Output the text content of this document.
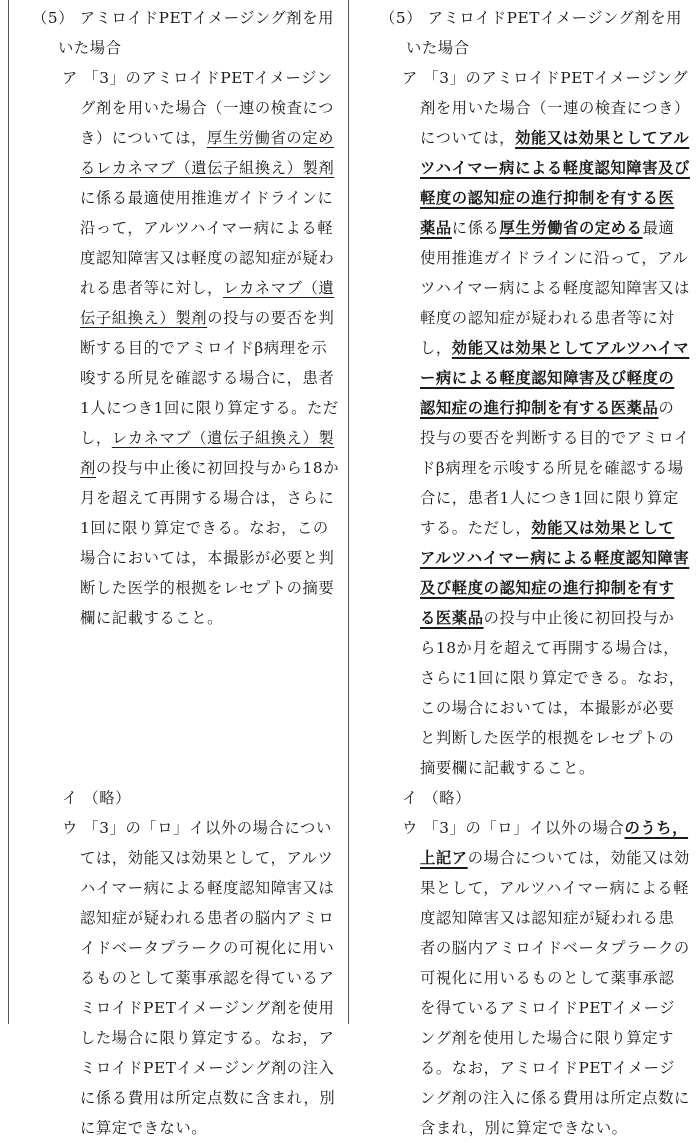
（5） アミロイドPETイメージング剤を用いた場合
ア 「3」のアミロイドPETイメージング剤を用いた場合（一連の検査につき）については，厚生労働省の定めるレカネマブ（遺伝子組換え）製剤に係る最適使用推進ガイドラインに沿って，アルツハイマー病による軽度認知障害又は軽度の認知症が疑われる患者等に対し，レカネマブ（遺伝子組換え）製剤の投与の要否を判断する目的でアミロイドβ病理を示唆する所見を確認する場合に，患者1人につき1回に限り算定する。ただし，レカネマブ（遺伝子組換え）製剤の投与中止後に初回投与から18か月を超えて再開する場合は，さらに1回に限り算定できる。なお，この場合においては，本撮影が必要と判断した医学的根拠をレセプトの摘要欄に記載すること。
イ （略）
ウ 「3」の「ロ」イ以外の場合については，効能又は効果として，アルツハイマー病による軽度認知障害又は認知症が疑われる患者の脳内アミロイドベータプラークの可視化に用いるものとして薬事承認を得ているアミロイドPETイメージング剤を使用した場合に限り算定する。なお，アミロイドPETイメージング剤の注入に係る費用は所定点数に含まれ，別に算定できない。
（5） アミロイドPETイメージング剤を用いた場合
ア 「3」のアミロイドPETイメージング剤を用いた場合（一連の検査につき）については，効能又は効果としてアルツハイマー病による軽度認知障害及び軽度の認知症の進行抑制を有する医薬品に係る厚生労働省の定める最適使用推進ガイドラインに沿って，アルツハイマー病による軽度認知障害又は軽度の認知症が疑われる患者等に対し，効能又は効果としてアルツハイマー病による軽度認知障害及び軽度の認知症の進行抑制を有する医薬品の投与の要否を判断する目的でアミロイドβ病理を示唆する所見を確認する場合に，患者1人につき1回に限り算定する。ただし，効能又は効果としてアルツハイマー病による軽度認知障害及び軽度の認知症の進行抑制を有する医薬品の投与中止後に初回投与から18か月を超えて再開する場合は，さらに1回に限り算定できる。なお，この場合においては，本撮影が必要と判断した医学的根拠をレセプトの摘要欄に記載すること。
イ （略）
ウ 「3」の「ロ」イ以外の場合のうち，上記アの場合については，効能又は効果として，アルツハイマー病による軽度認知障害又は認知症が疑われる患者の脳内アミロイドベータプラークの可視化に用いるものとして薬事承認を得ているアミロイドPETイメージング剤を使用した場合に限り算定する。なお，アミロイドPETイメージング剤の注入に係る費用は所定点数に含まれ，別に算定できない。
